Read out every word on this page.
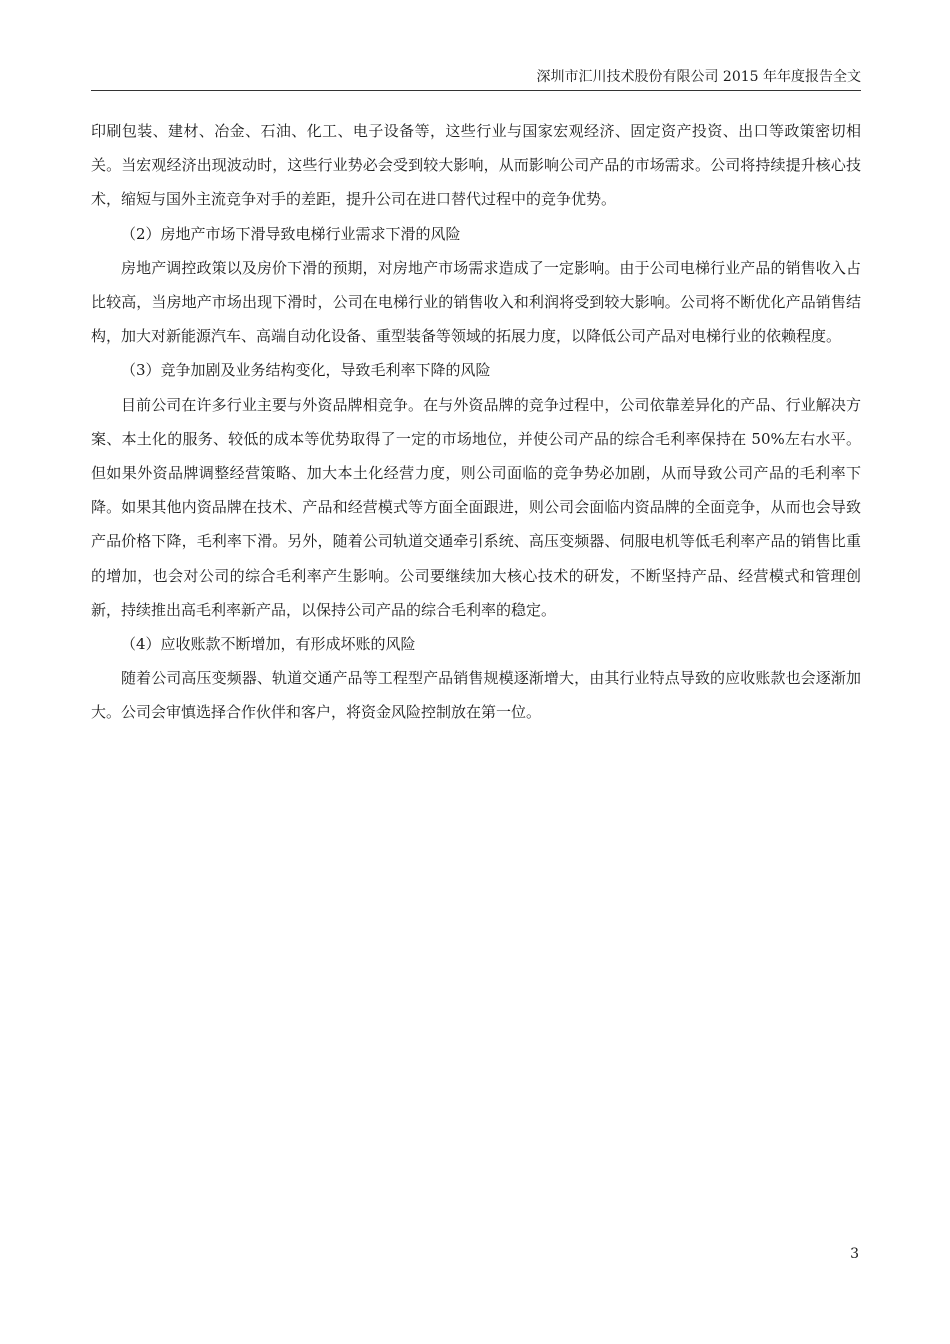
深圳市汇川技术股份有限公司 2015 年年度报告全文

印刷包装、建材、冶金、石油、化工、电子设备等，这些行业与国家宏观经济、固定资产投资、出口等政策密切相关。当宏观经济出现波动时，这些行业势必会受到较大影响，从而影响公司产品的市场需求。公司将持续提升核心技术，缩短与国外主流竞争对手的差距，提升公司在进口替代过程中的竞争优势。

（2）房地产市场下滑导致电梯行业需求下滑的风险

房地产调控政策以及房价下滑的预期，对房地产市场需求造成了一定影响。由于公司电梯行业产品的销售收入占比较高，当房地产市场出现下滑时，公司在电梯行业的销售收入和利润将受到较大影响。公司将不断优化产品销售结构，加大对新能源汽车、高端自动化设备、重型装备等领域的拓展力度，以降低公司产品对电梯行业的依赖程度。

（3）竞争加剧及业务结构变化，导致毛利率下降的风险

目前公司在许多行业主要与外资品牌相竞争。在与外资品牌的竞争过程中，公司依靠差异化的产品、行业解决方案、本土化的服务、较低的成本等优势取得了一定的市场地位，并使公司产品的综合毛利率保持在 50%左右水平。但如果外资品牌调整经营策略、加大本土化经营力度，则公司面临的竞争势必加剧，从而导致公司产品的毛利率下降。如果其他内资品牌在技术、产品和经营模式等方面全面跟进，则公司会面临内资品牌的全面竞争，从而也会导致产品价格下降，毛利率下滑。另外，随着公司轨道交通牵引系统、高压变频器、伺服电机等低毛利率产品的销售比重的增加，也会对公司的综合毛利率产生影响。公司要继续加大核心技术的研发，不断坚持产品、经营模式和管理创新，持续推出高毛利率新产品，以保持公司产品的综合毛利率的稳定。

（4）应收账款不断增加，有形成坏账的风险

随着公司高压变频器、轨道交通产品等工程型产品销售规模逐渐增大，由其行业特点导致的应收账款也会逐渐加大。公司会审慎选择合作伙伴和客户，将资金风险控制放在第一位。

3
